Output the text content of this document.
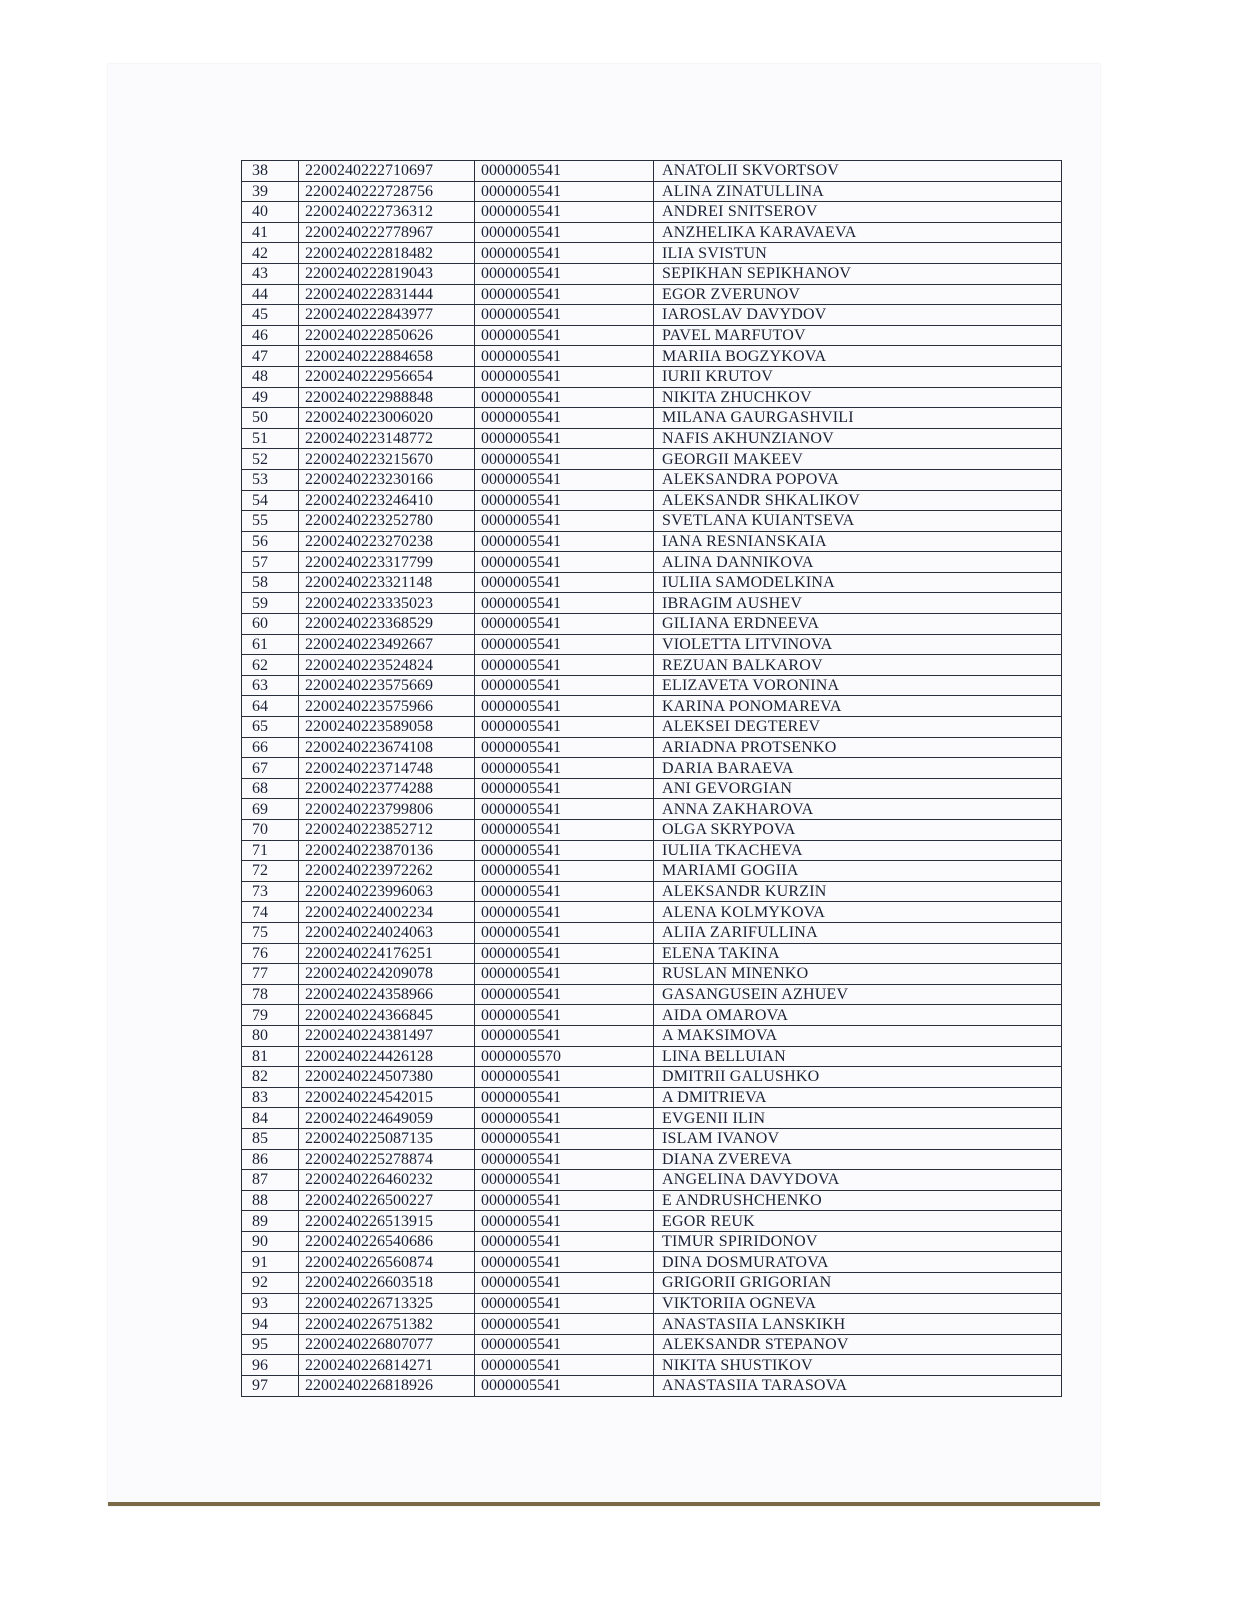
38	2200240222710697	0000005541	ANATOLII SKVORTSOV
39	2200240222728756	0000005541	ALINA ZINATULLINA
40	2200240222736312	0000005541	ANDREI SNITSEROV
41	2200240222778967	0000005541	ANZHELIKA KARAVAEVA
42	2200240222818482	0000005541	ILIA SVISTUN
43	2200240222819043	0000005541	SEPIKHAN SEPIKHANOV
44	2200240222831444	0000005541	EGOR ZVERUNOV
45	2200240222843977	0000005541	IAROSLAV DAVYDOV
46	2200240222850626	0000005541	PAVEL MARFUTOV
47	2200240222884658	0000005541	MARIIA BOGZYKOVA
48	2200240222956654	0000005541	IURII KRUTOV
49	2200240222988848	0000005541	NIKITA ZHUCHKOV
50	2200240223006020	0000005541	MILANA GAURGASHVILI
51	2200240223148772	0000005541	NAFIS AKHUNZIANOV
52	2200240223215670	0000005541	GEORGII MAKEEV
53	2200240223230166	0000005541	ALEKSANDRA POPOVA
54	2200240223246410	0000005541	ALEKSANDR SHKALIKOV
55	2200240223252780	0000005541	SVETLANA KUIANTSEVA
56	2200240223270238	0000005541	IANA RESNIANSKAIA
57	2200240223317799	0000005541	ALINA DANNIKOVA
58	2200240223321148	0000005541	IULIIA SAMODELKINA
59	2200240223335023	0000005541	IBRAGIM AUSHEV
60	2200240223368529	0000005541	GILIANA ERDNEEVA
61	2200240223492667	0000005541	VIOLETTA LITVINOVA
62	2200240223524824	0000005541	REZUAN BALKAROV
63	2200240223575669	0000005541	ELIZAVETA VORONINA
64	2200240223575966	0000005541	KARINA PONOMAREVA
65	2200240223589058	0000005541	ALEKSEI DEGTEREV
66	2200240223674108	0000005541	ARIADNA PROTSENKO
67	2200240223714748	0000005541	DARIA BARAEVA
68	2200240223774288	0000005541	ANI GEVORGIAN
69	2200240223799806	0000005541	ANNA ZAKHAROVA
70	2200240223852712	0000005541	OLGA SKRYPOVA
71	2200240223870136	0000005541	IULIIA TKACHEVA
72	2200240223972262	0000005541	MARIAMI GOGIIA
73	2200240223996063	0000005541	ALEKSANDR KURZIN
74	2200240224002234	0000005541	ALENA KOLMYKOVA
75	2200240224024063	0000005541	ALIIA ZARIFULLINA
76	2200240224176251	0000005541	ELENA TAKINA
77	2200240224209078	0000005541	RUSLAN MINENKO
78	2200240224358966	0000005541	GASANGUSEIN AZHUEV
79	2200240224366845	0000005541	AIDA OMAROVA
80	2200240224381497	0000005541	A MAKSIMOVA
81	2200240224426128	0000005570	LINA BELLUIAN
82	2200240224507380	0000005541	DMITRII GALUSHKO
83	2200240224542015	0000005541	A DMITRIEVA
84	2200240224649059	0000005541	EVGENII ILIN
85	2200240225087135	0000005541	ISLAM IVANOV
86	2200240225278874	0000005541	DIANA ZVEREVA
87	2200240226460232	0000005541	ANGELINA DAVYDOVA
88	2200240226500227	0000005541	E ANDRUSHCHENKO
89	2200240226513915	0000005541	EGOR REUK
90	2200240226540686	0000005541	TIMUR SPIRIDONOV
91	2200240226560874	0000005541	DINA DOSMURATOVA
92	2200240226603518	0000005541	GRIGORII GRIGORIAN
93	2200240226713325	0000005541	VIKTORIIA OGNEVA
94	2200240226751382	0000005541	ANASTASIIA LANSKIKH
95	2200240226807077	0000005541	ALEKSANDR STEPANOV
96	2200240226814271	0000005541	NIKITA SHUSTIKOV
97	2200240226818926	0000005541	ANASTASIIA TARASOVA
